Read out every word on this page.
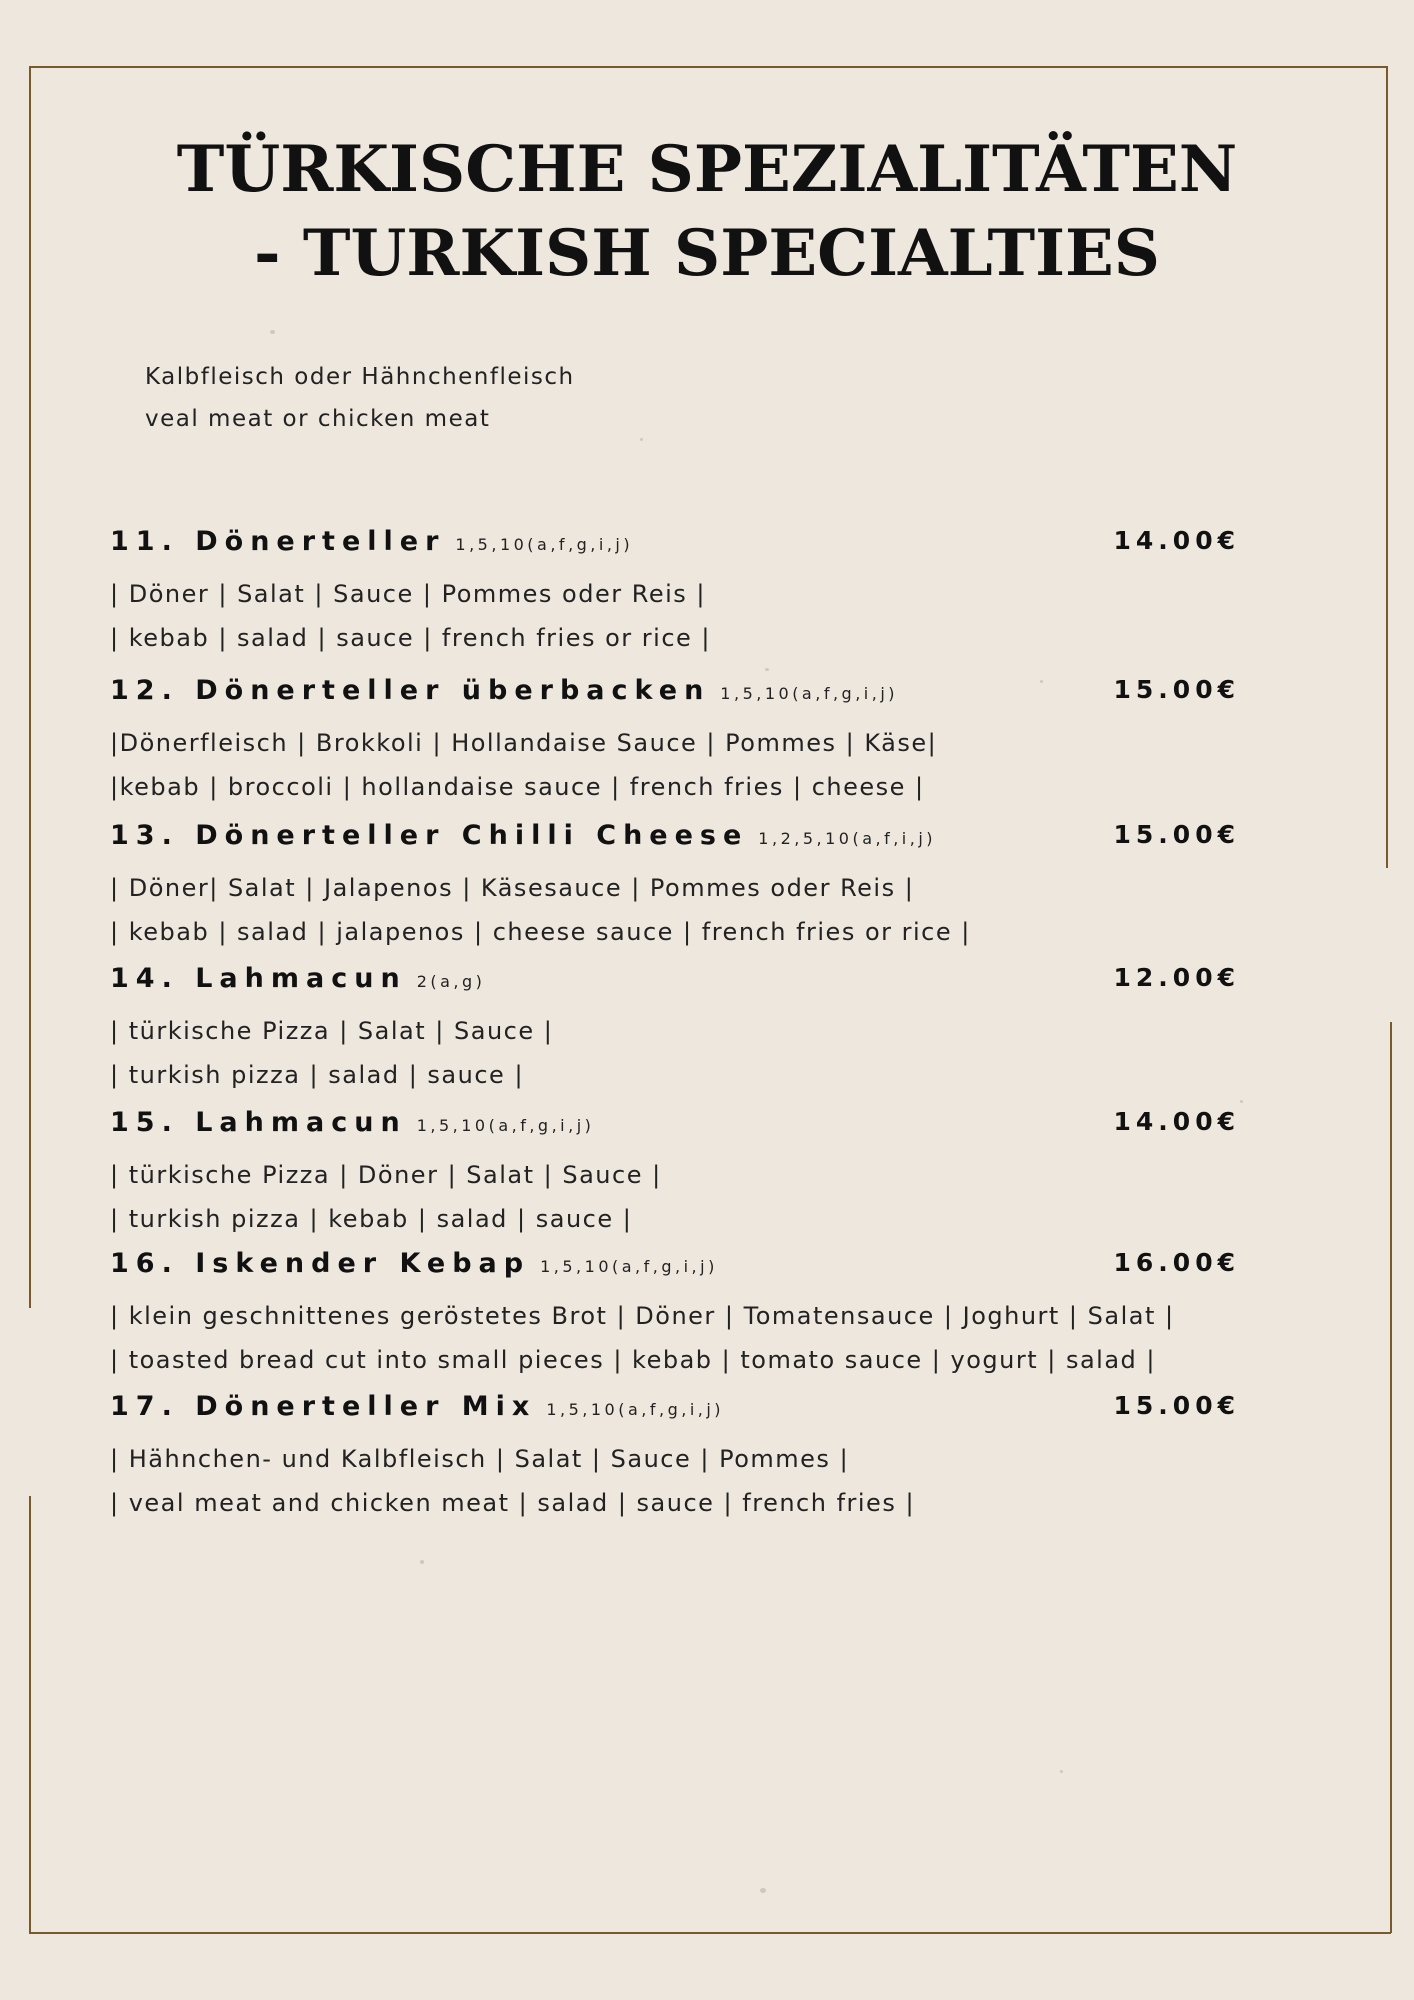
TÜRKISCHE SPEZIALITÄTEN
- TURKISH SPECIALTIES
Kalbfleisch oder Hähnchenfleisch
veal meat or chicken meat
11. Dönerteller 1,5,10(a,f,g,i,j)	14.00€
| Döner | Salat | Sauce | Pommes oder Reis |
| kebab | salad | sauce | french fries or rice |
12. Dönerteller überbacken 1,5,10(a,f,g,i,j)	15.00€
|Dönerfleisch | Brokkoli | Hollandaise Sauce | Pommes | Käse|
|kebab | broccoli | hollandaise sauce | french fries | cheese |
13. Dönerteller Chilli Cheese 1,2,5,10(a,f,i,j)	15.00€
| Döner| Salat | Jalapenos | Käsesauce | Pommes oder Reis |
| kebab | salad | jalapenos | cheese sauce | french fries or rice |
14. Lahmacun 2(a,g)	12.00€
| türkische Pizza | Salat | Sauce |
| turkish pizza | salad | sauce |
15. Lahmacun 1,5,10(a,f,g,i,j)	14.00€
| türkische Pizza | Döner | Salat | Sauce |
| turkish pizza | kebab | salad | sauce |
16. Iskender Kebap 1,5,10(a,f,g,i,j)	16.00€
| klein geschnittenes geröstetes Brot | Döner | Tomatensauce | Joghurt | Salat |
| toasted bread cut into small pieces | kebab | tomato sauce | yogurt | salad |
17. Dönerteller Mix 1,5,10(a,f,g,i,j)	15.00€
| Hähnchen- und Kalbfleisch | Salat | Sauce | Pommes |
| veal meat and chicken meat | salad | sauce | french fries |
